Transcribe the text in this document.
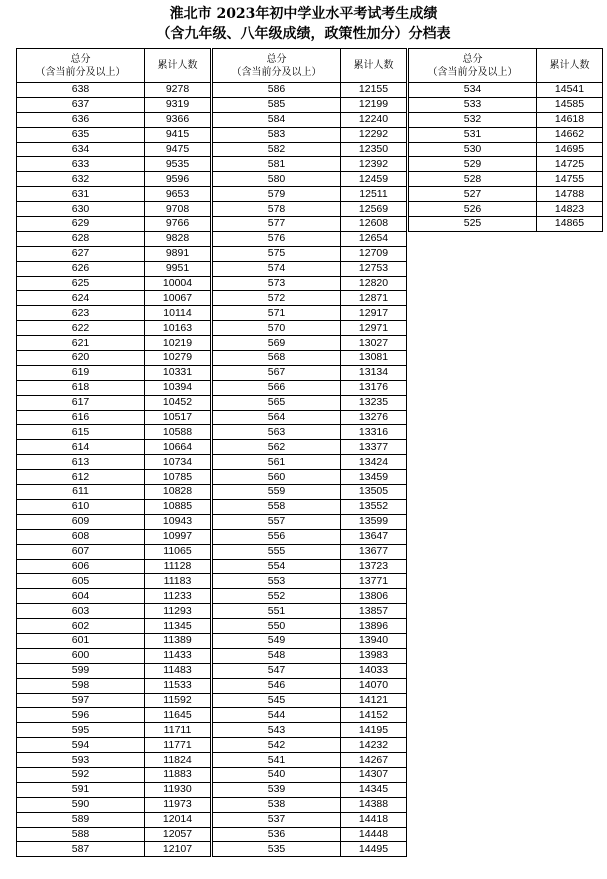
淮北市 2023年初中学业水平考试考生成绩
（含九年级、八年级成绩，政策性加分）分档表
总分
（含当前分及以上）	累计人数
638	9278
637	9319
636	9366
635	9415
634	9475
633	9535
632	9596
631	9653
630	9708
629	9766
628	9828
627	9891
626	9951
625	10004
624	10067
623	10114
622	10163
621	10219
620	10279
619	10331
618	10394
617	10452
616	10517
615	10588
614	10664
613	10734
612	10785
611	10828
610	10885
609	10943
608	10997
607	11065
606	11128
605	11183
604	11233
603	11293
602	11345
601	11389
600	11433
599	11483
598	11533
597	11592
596	11645
595	11711
594	11771
593	11824
592	11883
591	11930
590	11973
589	12014
588	12057
587	12107
总分
（含当前分及以上）	累计人数
586	12155
585	12199
584	12240
583	12292
582	12350
581	12392
580	12459
579	12511
578	12569
577	12608
576	12654
575	12709
574	12753
573	12820
572	12871
571	12917
570	12971
569	13027
568	13081
567	13134
566	13176
565	13235
564	13276
563	13316
562	13377
561	13424
560	13459
559	13505
558	13552
557	13599
556	13647
555	13677
554	13723
553	13771
552	13806
551	13857
550	13896
549	13940
548	13983
547	14033
546	14070
545	14121
544	14152
543	14195
542	14232
541	14267
540	14307
539	14345
538	14388
537	14418
536	14448
535	14495
总分
（含当前分及以上）	累计人数
534	14541
533	14585
532	14618
531	14662
530	14695
529	14725
528	14755
527	14788
526	14823
525	14865
